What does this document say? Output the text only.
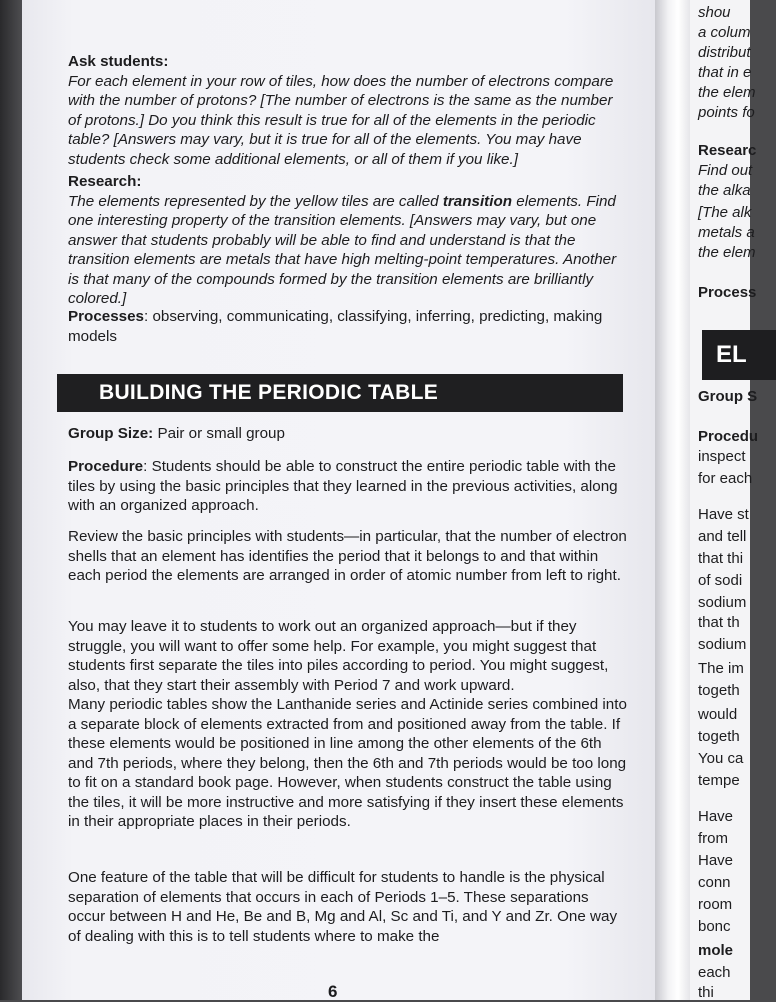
Ask students:
For each element in your row of tiles, how does the number of electrons compare with the number of protons? [The number of electrons is the same as the number of protons.] Do you think this result is true for all of the elements in the periodic table? [Answers may vary, but it is true for all of the elements. You may have students check some additional elements, or all of them if you like.]

Research:
The elements represented by the yellow tiles are called transition elements. Find one interesting property of the transition elements. [Answers may vary, but one answer that students probably will be able to find and understand is that the transition elements are metals that have high melting-point temperatures. Another is that many of the compounds formed by the transition elements are brilliantly colored.]

Processes: observing, communicating, classifying, inferring, predicting, making models

BUILDING THE PERIODIC TABLE

Group Size: Pair or small group

Procedure: Students should be able to construct the entire periodic table with the tiles by using the basic principles that they learned in the previous activities, along with an organized approach.

Review the basic principles with students—in particular, that the number of electron shells that an element has identifies the period that it belongs to and that within each period the elements are arranged in order of atomic number from left to right.

You may leave it to students to work out an organized approach—but if they struggle, you will want to offer some help. For example, you might suggest that students first separate the tiles into piles according to period. You might suggest, also, that they start their assembly with Period 7 and work upward.

Many periodic tables show the Lanthanide series and Actinide series combined into a separate block of elements extracted from and positioned away from the table. If these elements would be positioned in line among the other elements of the 6th and 7th periods, where they belong, then the 6th and 7th periods would be too long to fit on a standard book page. However, when students construct the table using the tiles, it will be more instructive and more satisfying if they insert these elements in their appropriate places in their periods.

One feature of the table that will be difficult for students to handle is the physical separation of elements that occurs in each of Periods 1–5. These separations occur between H and He, Be and B, Mg and Al, Sc and Ti, and Y and Zr. One way of dealing with this is to tell students where to make the

6
EL
shou
a colum
distribut
that in e
the elem
points fo
Researc
Find out
the alka
[The alk
metals a
the elem
Process
Group S
Procedu
inspect
for each
Have st
and tell
that thi
of sodi
sodium
that th
sodium
The im
togeth
would
togeth
You ca
tempe
Have
from
Have
conn
room
bonc
mole
each
thi
